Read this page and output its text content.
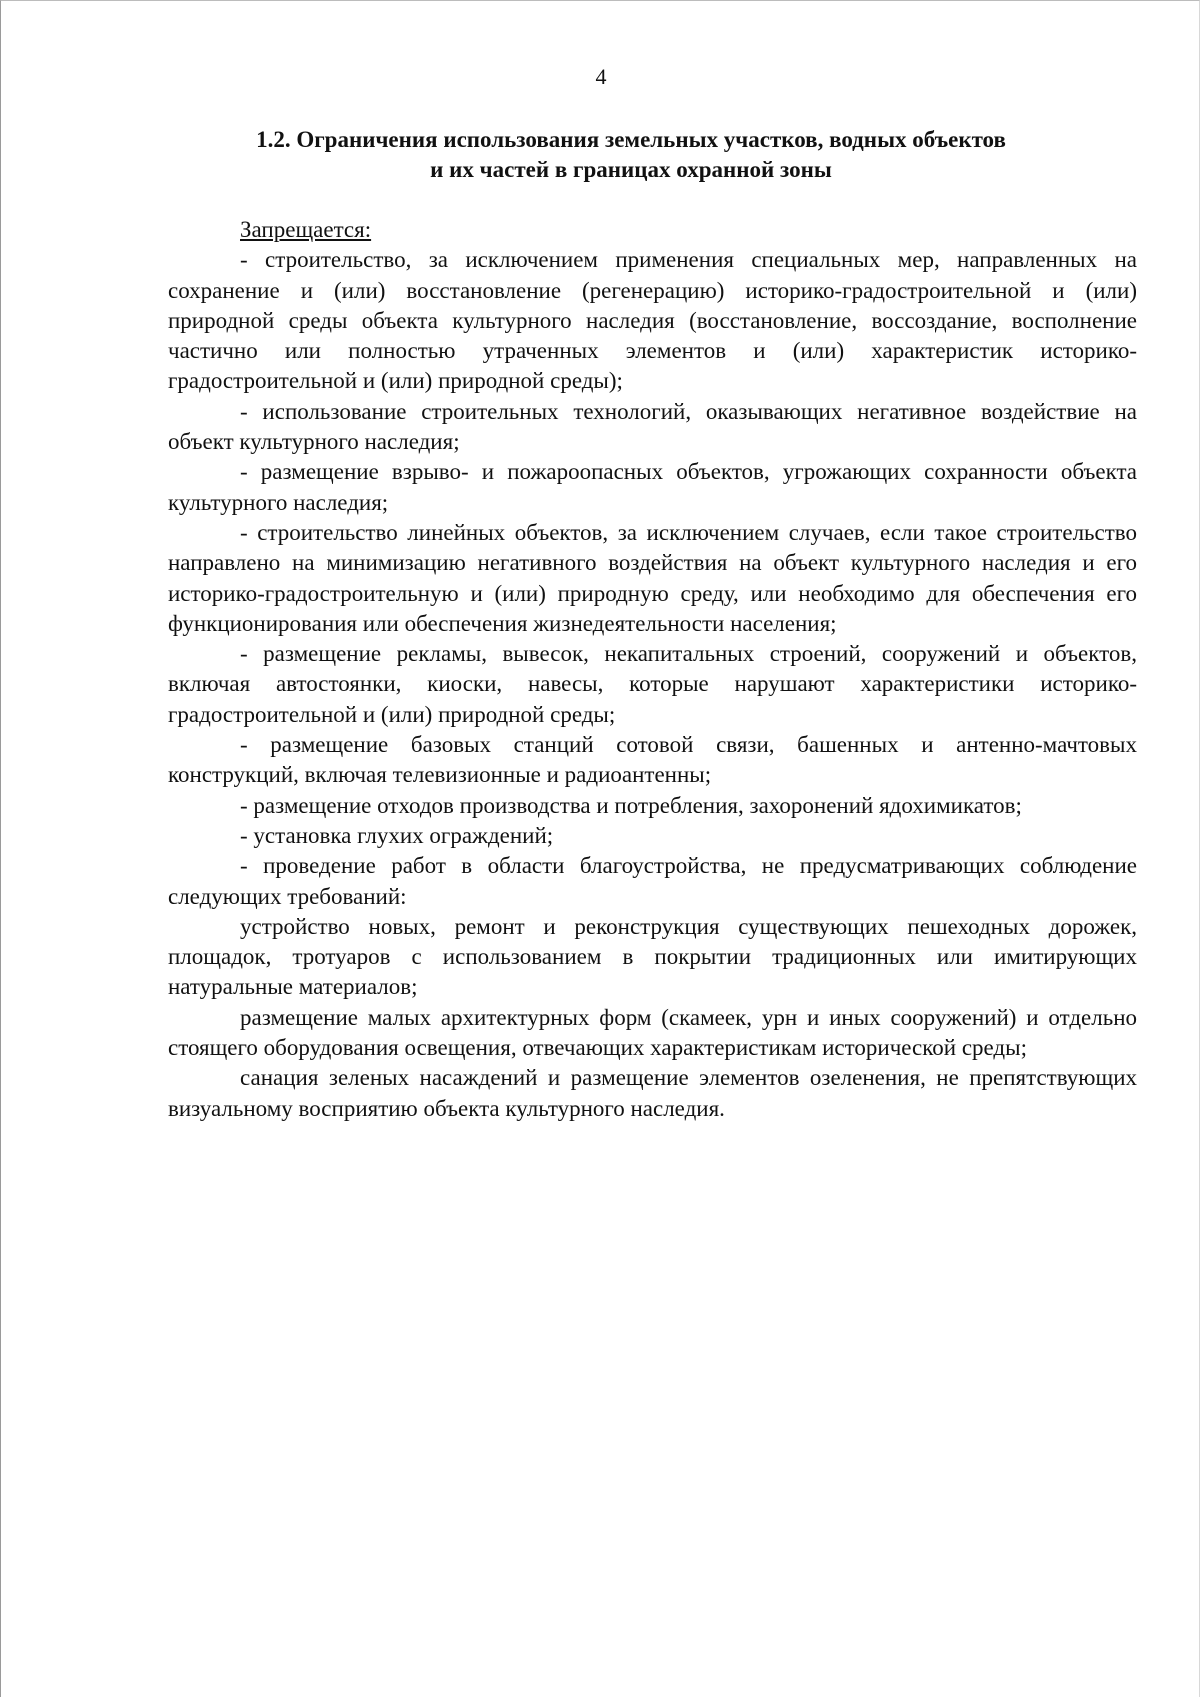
4
1.2. Ограничения использования земельных участков, водных объектов
и их частей в границах охранной зоны

Запрещается:

- строительство, за исключением применения специальных мер, направленных на сохранение и (или) восстановление (регенерацию) историко-градостроительной и (или) природной среды объекта культурного наследия (восстановление, воссоздание, восполнение частично или полностью утраченных элементов и (или) характеристик историко-градостроительной и (или) природной среды);

- использование строительных технологий, оказывающих негативное воздействие на объект культурного наследия;

- размещение взрыво- и пожароопасных объектов, угрожающих сохранности объекта культурного наследия;

- строительство линейных объектов, за исключением случаев, если такое строительство направлено на минимизацию негативного воздействия на объект культурного наследия и его историко-градостроительную и (или) природную среду, или необходимо для обеспечения его функционирования или обеспечения жизнедеятельности населения;

- размещение рекламы, вывесок, некапитальных строений, сооружений и объектов, включая автостоянки, киоски, навесы, которые нарушают характеристики историко-градостроительной и (или) природной среды;

- размещение базовых станций сотовой связи, башенных и антенно-мачтовых конструкций, включая телевизионные и радиоантенны;

- размещение отходов производства и потребления, захоронений ядохимикатов;

- установка глухих ограждений;

- проведение работ в области благоустройства, не предусматривающих соблюдение следующих требований:

устройство новых, ремонт и реконструкция существующих пешеходных дорожек, площадок, тротуаров с использованием в покрытии традиционных или имитирующих натуральные материалов;

размещение малых архитектурных форм (скамеек, урн и иных сооружений) и отдельно стоящего оборудования освещения, отвечающих характеристикам исторической среды;

санация зеленых насаждений и размещение элементов озеленения, не препятствующих визуальному восприятию объекта культурного наследия.
